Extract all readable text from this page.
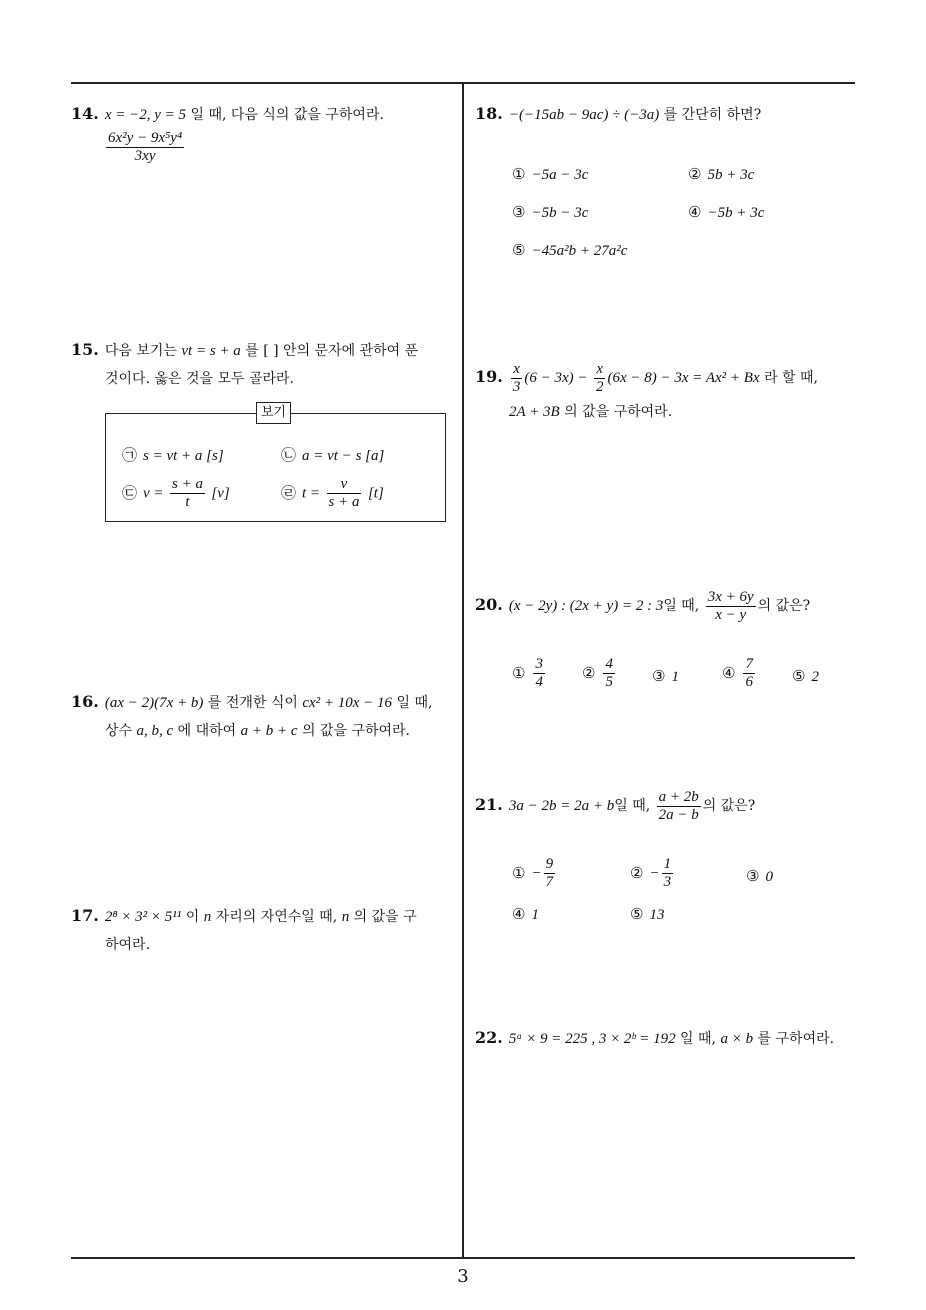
14. x = −2, y = 5 일 때, 다음 식의 값을 구하여라.
$\frac{\text{6x²y − 9x⁵y⁴}}{3xy}$
15. 다음 보기는 vt = s + a 를 [ ] 안의 문자에 관하여 푼
것이다. 옳은 것을 모두 골라라.
보기
㉠ s = vt + a [s]	㉡ a = vt − s [a]
㉢ $v = \frac{s + a}{t} [v]$	㉣ $t = \frac{v}{s + a} [t]$
16. (ax − 2)(7x + b) 를 전개한 식이 cx² + 10x − 16 일 때,
상수 a, b, c 에 대하여 a + b + c 의 값을 구하여라.
17. 2⁸ × 3² × 5¹¹ 이 n 자리의 자연수일 때, n 의 값을 구
하여라.
18. −(−15ab − 9ac) ÷ (−3a) 를 간단히 하면?
① −5a − 3c	② 5b + 3c
③ −5b − 3c	④ −5b + 3c
⑤ −45a²b + 27a²c
19. $\frac{x}{3} (6 - 3x) - \frac{x}{2} (6x - 8) - 3x = Ax^2 + Bx$ 라 할 때,
2A + 3B 의 값을 구하여라.
20. (x − 2y) : (2x + y) = 2 : 3일 때, $\frac{3x + 6y}{x - y}$ 의 값은?
① $\frac{3}{4}$ ② $\frac{4}{5}$ ③ 1	④ $\frac{7}{6}$ ⑤ 2
21. 3a − 2b = 2a + b일 때, $\frac{a + 2b}{2a - b}$ 의 값은?
① − $\frac{9}{7}$	② − $\frac{1}{3}$	③ 0
④ 1	⑤ 13
22. 5ᵃ × 9 = 225 , 3 × 2ᵇ = 192 일 때, a × b 를 구하여라.
3
